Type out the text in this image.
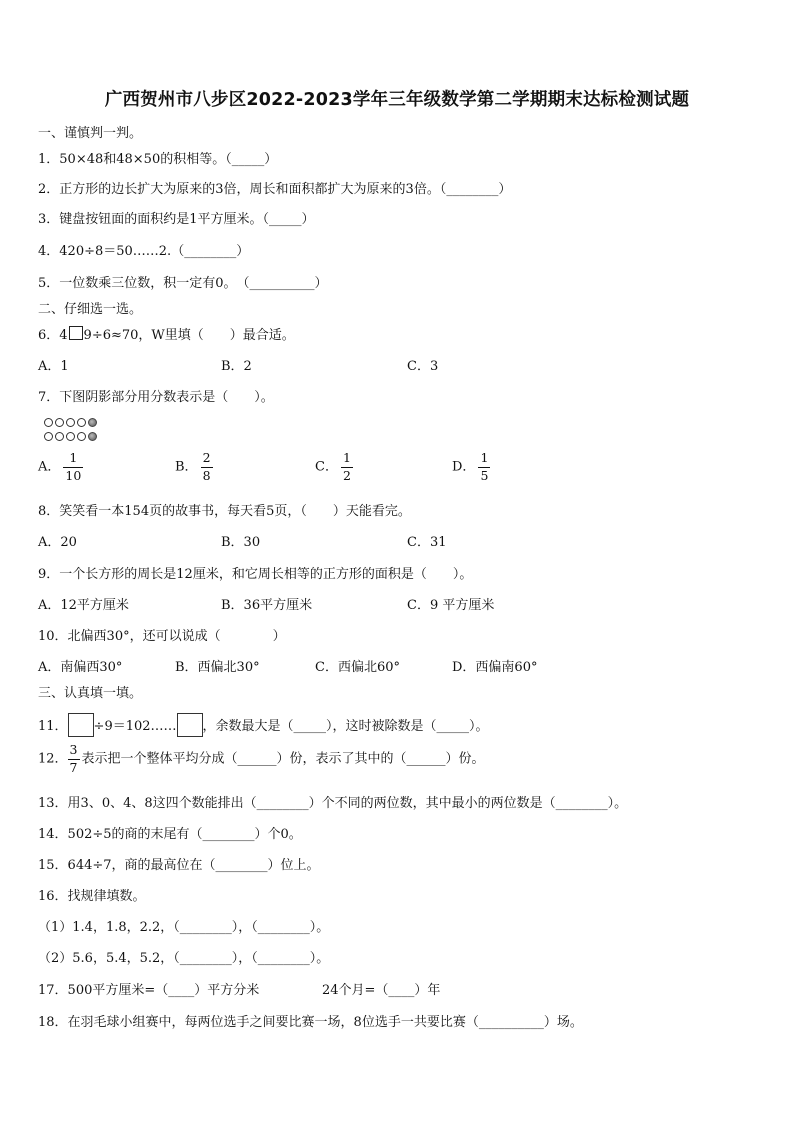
广西贺州市八步区2022-2023学年三年级数学第二学期期末达标检测试题
一、谨慎判一判。
1．50×48和48×50的积相等。（_____）
2．正方形的边长扩大为原来的3倍，周长和面积都扩大为原来的3倍。（________）
3．键盘按钮面的面积约是1平方厘米。（_____）
4．420÷8＝50……2.（________）
5．一位数乘三位数，积一定有0。　（__________）
二、仔细选一选。
6．4 9÷6≈70，W里填（　　）最合适。
A．1	B．2	C．3
7．下图阴影部分用分数表示是（　　）。
A． $\frac{1}{10}$	B． $\frac{2}{8}$	C． $\frac{1}{2}$	D． $\frac{1}{5}$
8．笑笑看一本154页的故事书，每天看5页，（　　）天能看完。
A．20	B．30	C．31
9．一个长方形的周长是12厘米，和它周长相等的正方形的面积是（　　）。
A．12平方厘米	B．36平方厘米	C．9 平方厘米
10．北偏西30°，还可以说成（　　　　）
A．南偏西30°	B．西偏北30°	C．西偏北60°	D．西偏南60°
三、认真填一填。
11． ÷9＝102…… ，余数最大是（_____），这时被除数是（_____）。
12． $\frac{3}{7}$ 表示把一个整体平均分成（______）份，表示了其中的（______）份。
13．用3、0、4、8这四个数能排出（________）个不同的两位数，其中最小的两位数是（________）。
14．502÷5的商的末尾有（________）个0。
15．644÷7，商的最高位在（________）位上。
16．找规律填数。
（1）1.4，1.8，2.2，（________），（________）。
（2）5.6，5.4，5.2，（________），（________）。
17．500平方厘米=（____）平方分米	24个月=（____）年
18．在羽毛球小组赛中，每两位选手之间要比赛一场，8位选手一共要比赛（__________）场。
